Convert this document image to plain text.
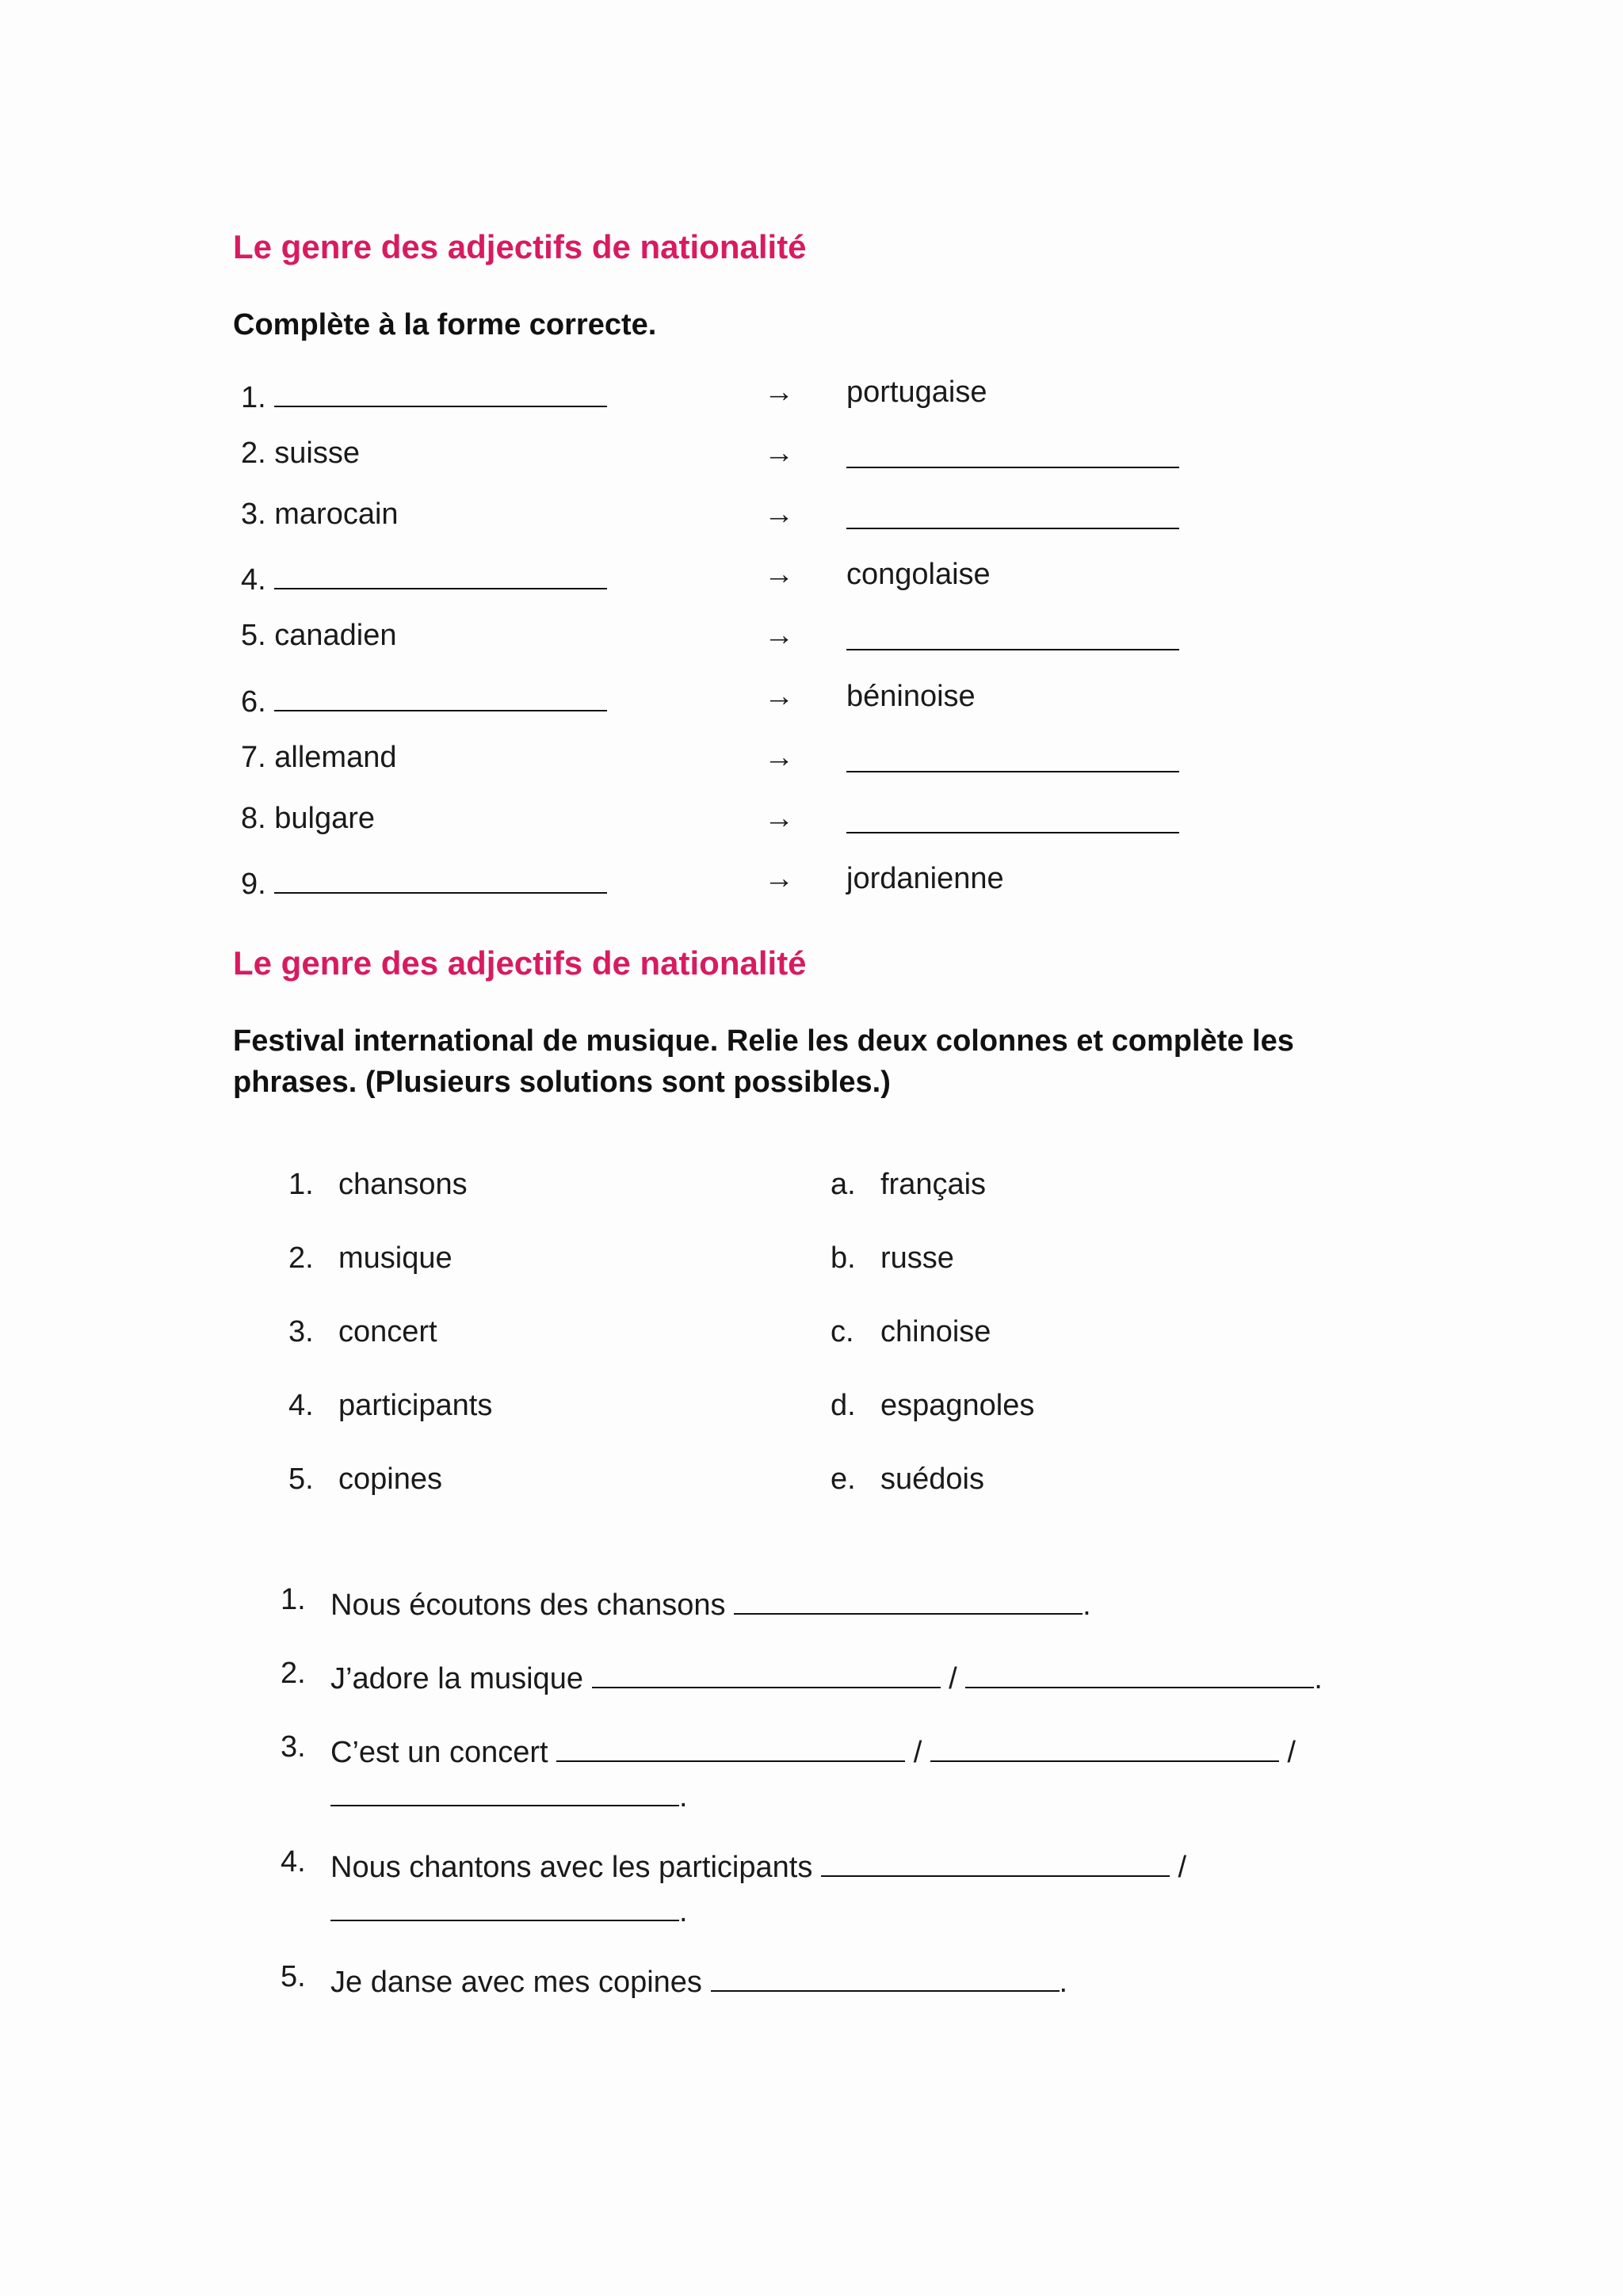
Le genre des adjectifs de nationalité
Complète à la forme correcte.
1.	→ portugaise
2. suisse	→
3. marocain	→
4.	→ congolaise
5. canadien	→
6.	→ béninoise
7. allemand	→
8. bulgare	→
9.	→ jordanienne
Le genre des adjectifs de nationalité
Festival international de musique. Relie les deux colonnes et complète les
phrases. (Plusieurs solutions sont possibles.)
1. chansons	a. français
2. musique	b. russe
3. concert	c. chinoise
4. participants	d. espagnoles
5. copines	e. suédois
1. Nous écoutons des chansons	.
2. J’adore la musique	/	.
3. C’est un concert	/	/
.
4. Nous chantons avec les participants	/
.
5. Je danse avec mes copines	.
